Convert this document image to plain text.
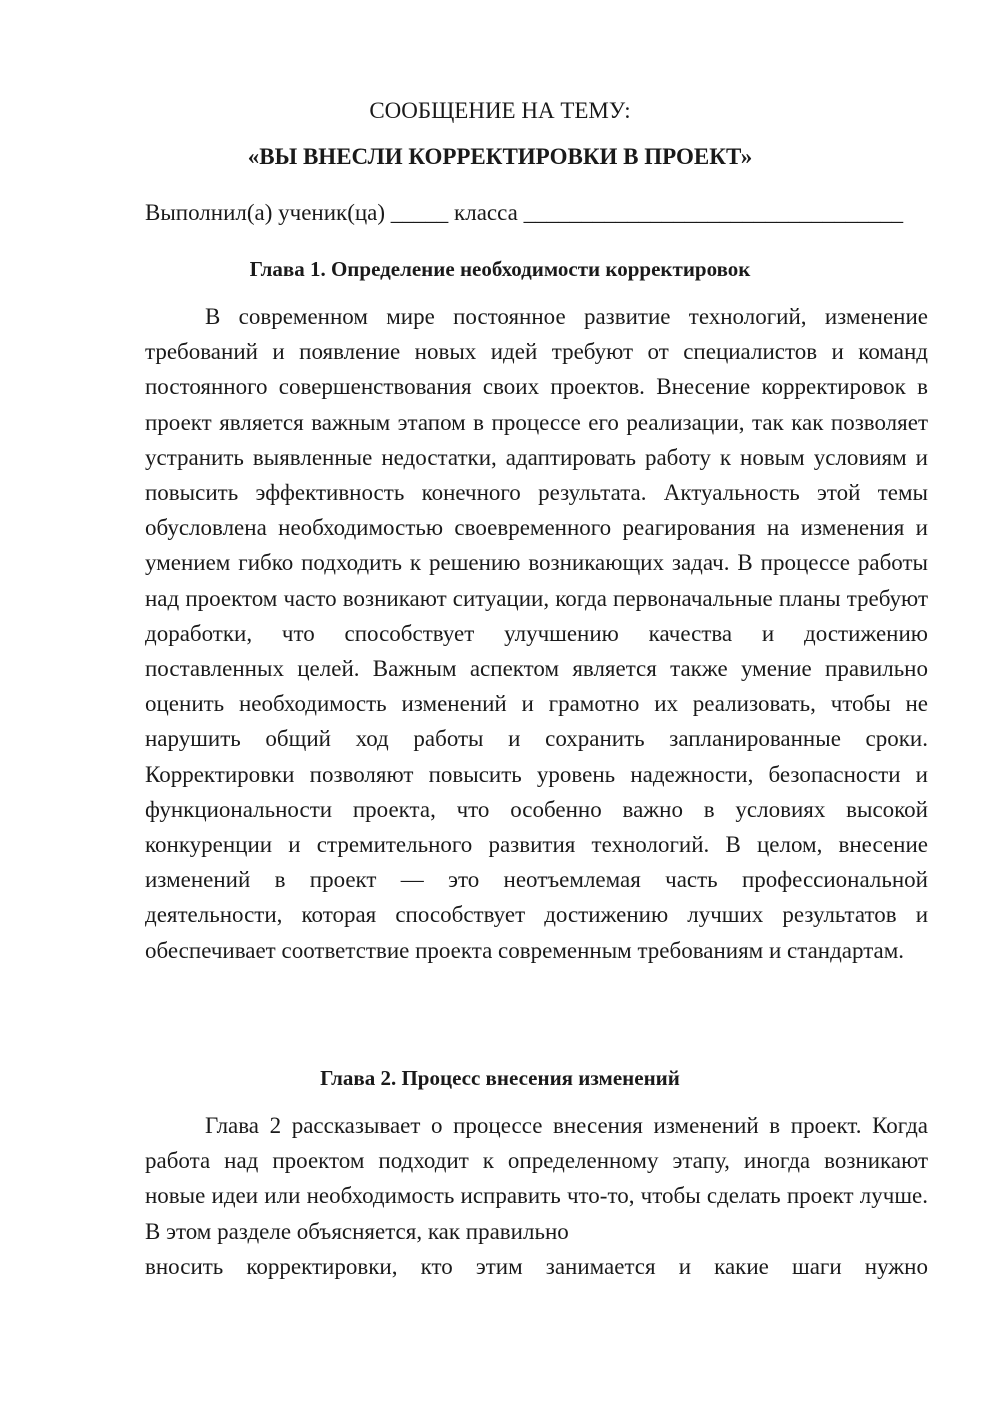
СООБЩЕНИЕ НА ТЕМУ:

«ВЫ ВНЕСЛИ КОРРЕКТИРОВКИ В ПРОЕКТ»

Выполнил(а) ученик(ца) _____ класса _________________________________

Глава 1. Определение необходимости корректировок

В современном мире постоянное развитие технологий, изменение требований и появление новых идей требуют от специалистов и команд постоянного совершенствования своих проектов. Внесение корректировок в проект является важным этапом в процессе его реализации, так как позволяет устранить выявленные недостатки, адаптировать работу к новым условиям и повысить эффективность конечного результата. Актуальность этой темы обусловлена необходимостью своевременного реагирования на изменения и умением гибко подходить к решению возникающих задач. В процессе работы над проектом часто возникают ситуации, когда первоначальные планы требуют доработки, что способствует улучшению качества и достижению поставленных целей. Важным аспектом является также умение правильно оценить необходимость изменений и грамотно их реализовать, чтобы не нарушить общий ход работы и сохранить запланированные сроки. Корректировки позволяют повысить уровень надежности, безопасности и функциональности проекта, что особенно важно в условиях высокой конкуренции и стремительного развития технологий. В целом, внесение изменений в проект — это неотъемлемая часть профессиональной деятельности, которая способствует достижению лучших результатов и обеспечивает соответствие проекта современным требованиям и стандартам.

Глава 2. Процесс внесения изменений

Глава 2 рассказывает о процессе внесения изменений в проект. Когда работа над проектом подходит к определенному этапу, иногда возникают новые идеи или необходимость исправить что-то, чтобы сделать проект лучше. В этом разделе объясняется, как правильно
вносить корректировки, кто этим занимается и какие шаги нужно
